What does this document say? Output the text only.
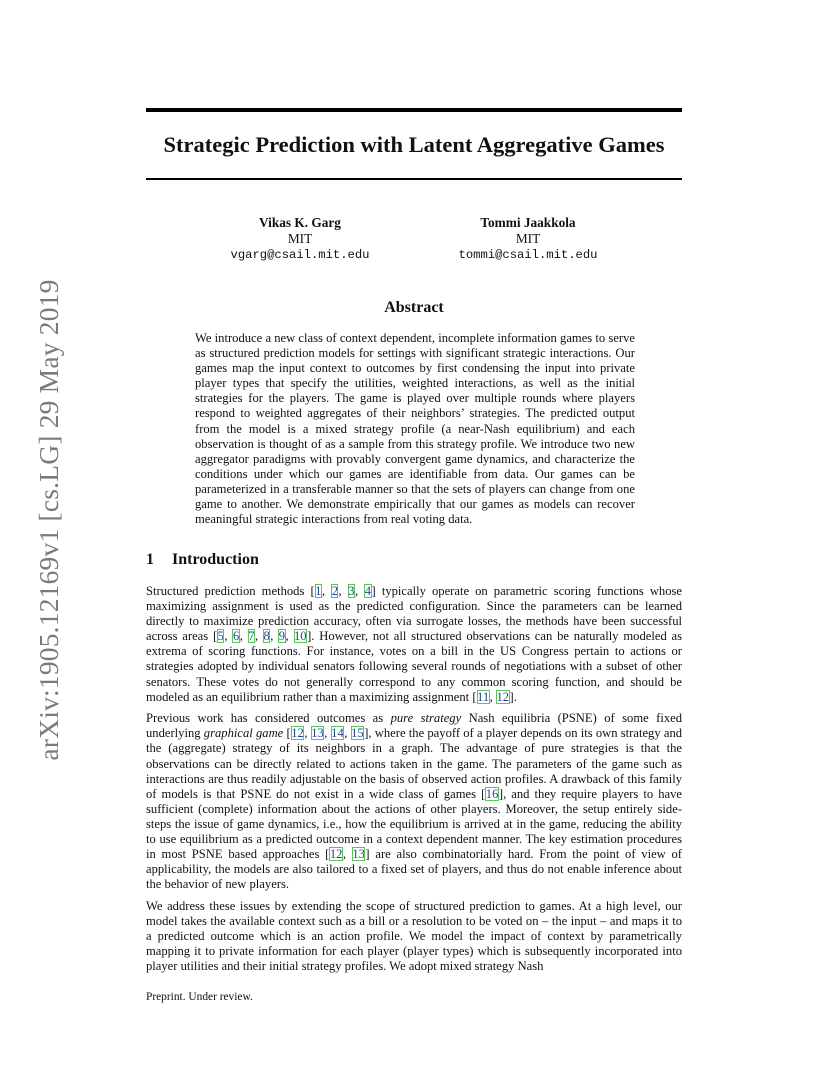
arXiv:1905.12169v1 [cs.LG] 29 May 2019
Strategic Prediction with Latent Aggregative Games
Vikas K. Garg
MIT
vgarg@csail.mit.edu
Tommi Jaakkola
MIT
tommi@csail.mit.edu
Abstract

We introduce a new class of context dependent, incomplete information games to serve as structured prediction models for settings with significant strategic interactions. Our games map the input context to outcomes by first condensing the input into private player types that specify the utilities, weighted interactions, as well as the initial strategies for the players. The game is played over multiple rounds where players respond to weighted aggregates of their neighbors’ strategies. The predicted output from the model is a mixed strategy profile (a near-Nash equilibrium) and each observation is thought of as a sample from this strategy profile. We introduce two new aggregator paradigms with provably convergent game dynamics, and characterize the conditions under which our games are identifiable from data. Our games can be parameterized in a transferable manner so that the sets of players can change from one game to another. We demonstrate empirically that our games as models can recover meaningful strategic interactions from real voting data.

1 Introduction

Structured prediction methods [1, 2, 3, 4] typically operate on parametric scoring functions whose maximizing assignment is used as the predicted configuration. Since the parameters can be learned directly to maximize prediction accuracy, often via surrogate losses, the methods have been successful across areas [5, 6, 7, 8, 9, 10]. However, not all structured observations can be naturally modeled as extrema of scoring functions. For instance, votes on a bill in the US Congress pertain to actions or strategies adopted by individual senators following several rounds of negotiations with a subset of other senators. These votes do not generally correspond to any common scoring function, and should be modeled as an equilibrium rather than a maximizing assignment [11, 12].

Previous work has considered outcomes as pure strategy Nash equilibria (PSNE) of some fixed underlying graphical game [12, 13, 14, 15], where the payoff of a player depends on its own strategy and the (aggregate) strategy of its neighbors in a graph. The advantage of pure strategies is that the observations can be directly related to actions taken in the game. The parameters of the game such as interactions are thus readily adjustable on the basis of observed action profiles. A drawback of this family of models is that PSNE do not exist in a wide class of games [16], and they require players to have sufficient (complete) information about the actions of other players. Moreover, the setup entirely side-steps the issue of game dynamics, i.e., how the equilibrium is arrived at in the game, reducing the ability to use equilibrium as a predicted outcome in a context dependent manner. The key estimation procedures in most PSNE based approaches [12, 13] are also combinatorially hard. From the point of view of applicability, the models are also tailored to a fixed set of players, and thus do not enable inference about the behavior of new players.

We address these issues by extending the scope of structured prediction to games. At a high level, our model takes the available context such as a bill or a resolution to be voted on – the input – and maps it to a predicted outcome which is an action profile. We model the impact of context by parametrically mapping it to private information for each player (player types) which is subsequently incorporated into player utilities and their initial strategy profiles. We adopt mixed strategy Nash

Preprint. Under review.
